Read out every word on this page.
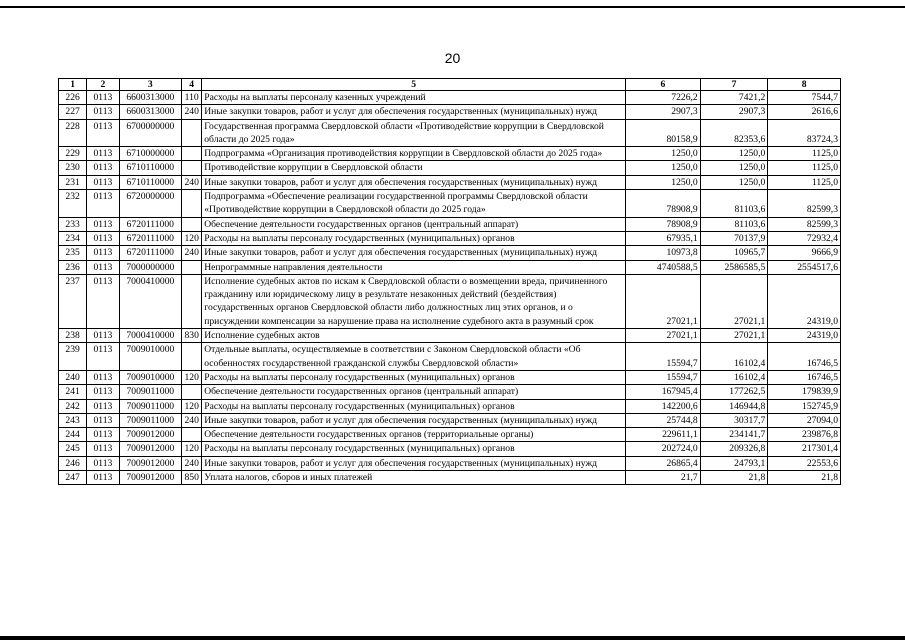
20
1	2	3	4	5	6	7	8
226	0113	6600313000	110	Расходы на выплаты персоналу казенных учреждений	7226,2	7421,2	7544,7
227	0113	6600313000	240	Иные закупки товаров, работ и услуг для обеспечения государственных (муниципальных) нужд	2907,3	2907,3	2616,6
228	0113	6700000000		Государственная программа Свердловской области «Противодействие коррупции в Свердловской области до 2025 года»	80158,9	82353,6	83724,3
229	0113	6710000000		Подпрограмма «Организация противодействия коррупции в Свердловской области до 2025 года»	1250,0	1250,0	1125,0
230	0113	6710110000		Противодействие коррупции в Свердловской области	1250,0	1250,0	1125,0
231	0113	6710110000	240	Иные закупки товаров, работ и услуг для обеспечения государственных (муниципальных) нужд	1250,0	1250,0	1125,0
232	0113	6720000000		Подпрограмма «Обеспечение реализации государственной программы Свердловской области «Противодействие коррупции в Свердловской области до 2025 года»	78908,9	81103,6	82599,3
233	0113	6720111000		Обеспечение деятельности государственных органов (центральный аппарат)	78908,9	81103,6	82599,3
234	0113	6720111000	120	Расходы на выплаты персоналу государственных (муниципальных) органов	67935,1	70137,9	72932,4
235	0113	6720111000	240	Иные закупки товаров, работ и услуг для обеспечения государственных (муниципальных) нужд	10973,8	10965,7	9666,9
236	0113	7000000000		Непрограммные направления деятельности	4740588,5	2586585,5	2554517,6
237	0113	7000410000		Исполнение судебных актов по искам к Свердловской области о возмещении вреда, причиненного гражданину или юридическому лицу в результате незаконных действий (бездействия) государственных органов Свердловской области либо должностных лиц этих органов, и о присуждении компенсации за нарушение права на исполнение судебного акта в разумный срок	27021,1	27021,1	24319,0
238	0113	7000410000	830	Исполнение судебных актов	27021,1	27021,1	24319,0
239	0113	7009010000		Отдельные выплаты, осуществляемые в соответствии с Законом Свердловской области «Об особенностях государственной гражданской службы Свердловской области»	15594,7	16102,4	16746,5
240	0113	7009010000	120	Расходы на выплаты персоналу государственных (муниципальных) органов	15594,7	16102,4	16746,5
241	0113	7009011000		Обеспечение деятельности государственных органов (центральный аппарат)	167945,4	177262,5	179839,9
242	0113	7009011000	120	Расходы на выплаты персоналу государственных (муниципальных) органов	142200,6	146944,8	152745,9
243	0113	7009011000	240	Иные закупки товаров, работ и услуг для обеспечения государственных (муниципальных) нужд	25744,8	30317,7	27094,0
244	0113	7009012000		Обеспечение деятельности государственных органов (территориальные органы)	229611,1	234141,7	239876,8
245	0113	7009012000	120	Расходы на выплаты персоналу государственных (муниципальных) органов	202724,0	209326,8	217301,4
246	0113	7009012000	240	Иные закупки товаров, работ и услуг для обеспечения государственных (муниципальных) нужд	26865,4	24793,1	22553,6
247	0113	7009012000	850	Уплата налогов, сборов и иных платежей	21,7	21,8	21,8
